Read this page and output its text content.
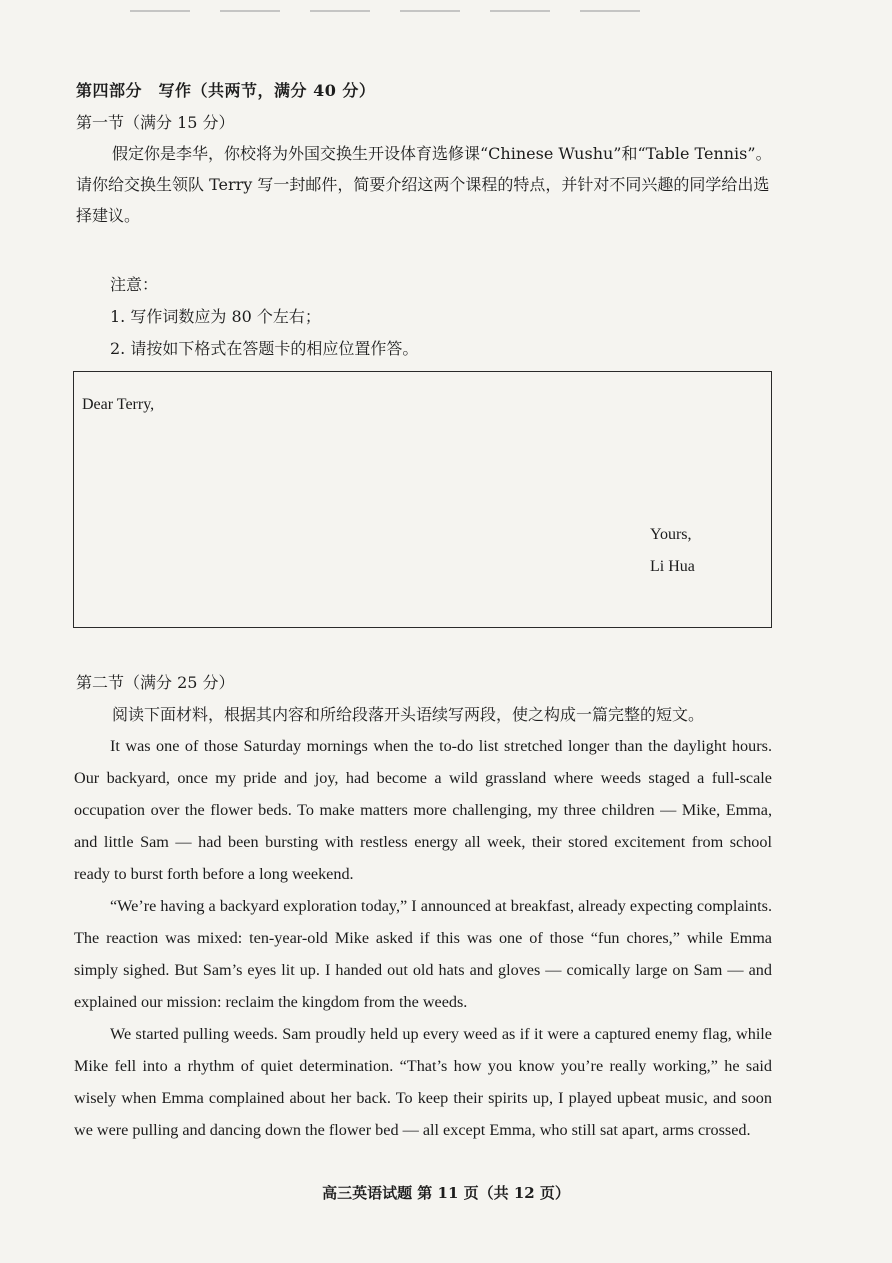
第四部分　写作（共两节，满分 40 分）
第一节（满分 15 分）
假定你是李华，你校将为外国交换生开设体育选修课“Chinese Wushu”和“Table Tennis”。请你给交换生领队 Terry 写一封邮件，简要介绍这两个课程的特点，并针对不同兴趣的同学给出选择建议。
注意：
1. 写作词数应为 80 个左右；
2. 请按如下格式在答题卡的相应位置作答。
Dear Terry,
Yours,
Li Hua
第二节（满分 25 分）
阅读下面材料，根据其内容和所给段落开头语续写两段，使之构成一篇完整的短文。

It was one of those Saturday mornings when the to-do list stretched longer than the daylight hours. Our backyard, once my pride and joy, had become a wild grassland where weeds staged a full-scale occupation over the flower beds. To make matters more challenging, my three children — Mike, Emma, and little Sam — had been bursting with restless energy all week, their stored excitement from school ready to burst forth before a long weekend.

“We’re having a backyard exploration today,” I announced at breakfast, already expecting complaints. The reaction was mixed: ten-year-old Mike asked if this was one of those “fun chores,” while Emma simply sighed. But Sam’s eyes lit up. I handed out old hats and gloves — comically large on Sam — and explained our mission: reclaim the kingdom from the weeds.

We started pulling weeds. Sam proudly held up every weed as if it were a captured enemy flag, while Mike fell into a rhythm of quiet determination. “That’s how you know you’re really working,” he said wisely when Emma complained about her back. To keep their spirits up, I played upbeat music, and soon we were pulling and dancing down the flower bed — all except Emma, who still sat apart, arms crossed.

高三英语试题 第 11 页（共 12 页）
